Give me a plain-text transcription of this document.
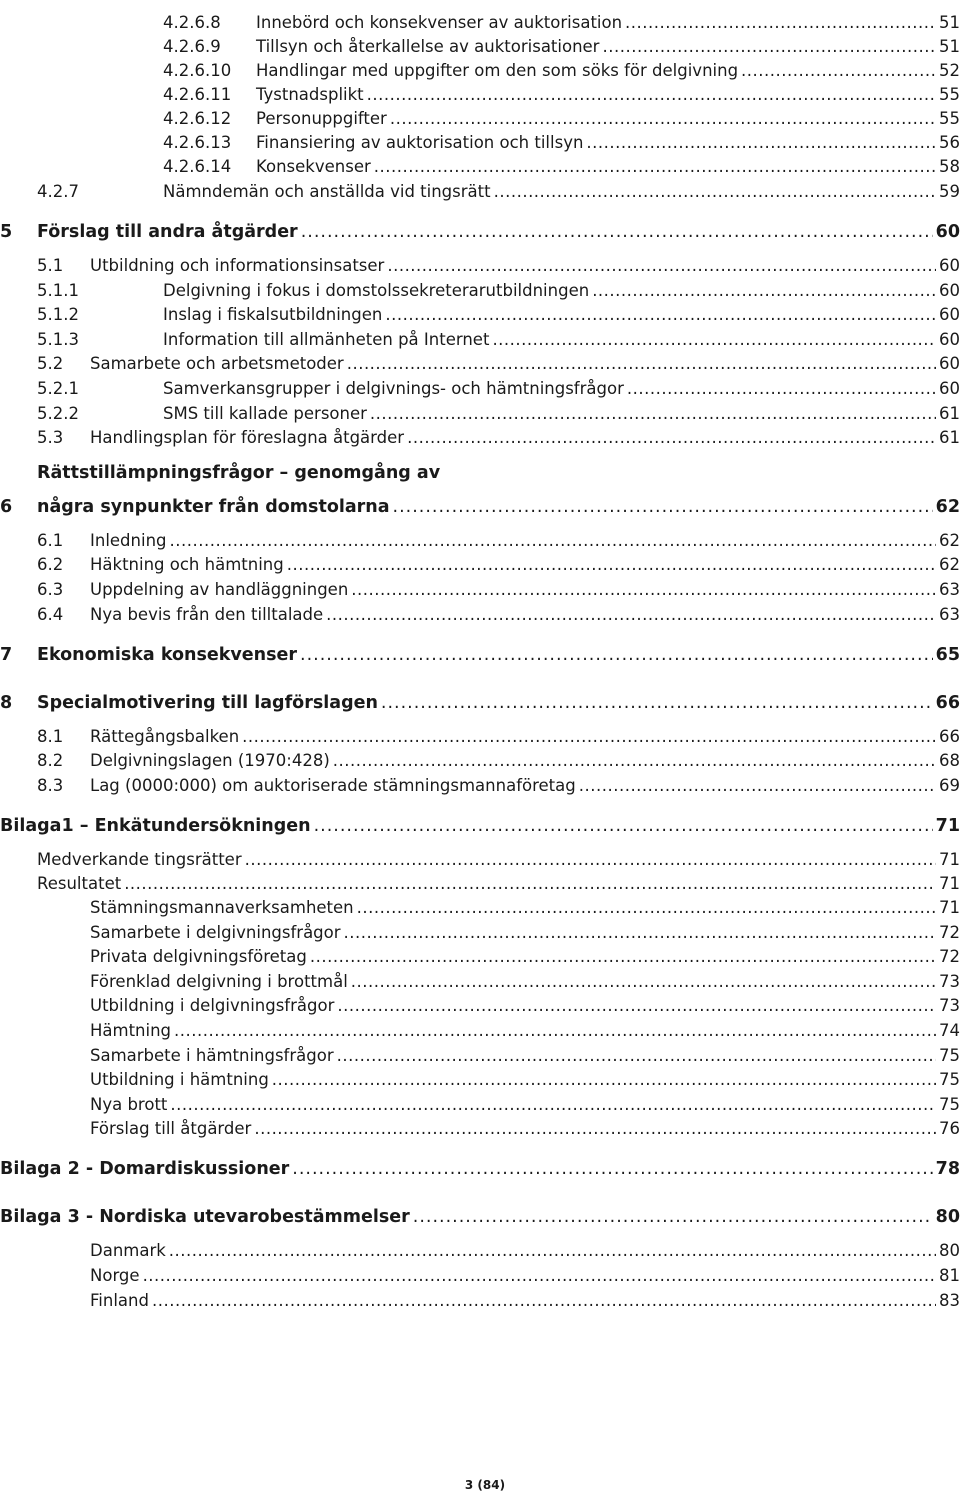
4.2.6.8 Innebörd och konsekvenser av auktorisation .....	51
4.2.6.9 Tillsyn och återkallelse av auktorisationer .....	51
4.2.6.10 Handlingar med uppgifter om den som söks för delgivning .....	52
4.2.6.11 Tystnadsplikt .....	55
4.2.6.12 Personuppgifter .....	55
4.2.6.13 Finansiering av auktorisation och tillsyn .....	56
4.2.6.14 Konsekvenser .....	58
4.2.7	Nämndemän och anställda vid tingsrätt .....	59
5 Förslag till andra åtgärder .....	60
5.1 Utbildning och informationsinsatser .....	60
5.1.1	Delgivning i fokus i domstolssekreterarutbildningen .....	60
5.1.2	Inslag i fiskalsutbildningen .....	60
5.1.3	Information till allmänheten på Internet .....	60
5.2 Samarbete och arbetsmetoder .....	60
5.2.1	Samverkansgrupper i delgivnings- och hämtningsfrågor .....	60
5.2.2	SMS till kallade personer .....	61
5.3 Handlingsplan för föreslagna åtgärder .....	61
Rättstillämpningsfrågor – genomgång av
6 några synpunkter från domstolarna .....	62
6.1 Inledning .....	62
6.2 Häktning och hämtning .....	62
6.3 Uppdelning av handläggningen .....	63
6.4 Nya bevis från den tilltalade .....	63
7 Ekonomiska konsekvenser .....	65
8 Specialmotivering till lagförslagen .....	66
8.1 Rättegångsbalken .....	66
8.2 Delgivningslagen (1970:428) .....	68
8.3 Lag (0000:000) om auktoriserade stämningsmannaföretag .....	69
Bilaga1 – Enkätundersökningen .....	71
Medverkande tingsrätter .....	71
Resultatet .....	71
Stämningsmannaverksamheten .....	71
Samarbete i delgivningsfrågor .....	72
Privata delgivningsföretag .....	72
Förenklad delgivning i brottmål .....	73
Utbildning i delgivningsfrågor .....	73
Hämtning .....	74
Samarbete i hämtningsfrågor .....	75
Utbildning i hämtning .....	75
Nya brott .....	75
Förslag till åtgärder .....	76
Bilaga 2 - Domardiskussioner .....	78
Bilaga 3 - Nordiska utevarobestämmelser .....	80
Danmark .....	80
Norge .....	81
Finland .....	83
3 (84)
